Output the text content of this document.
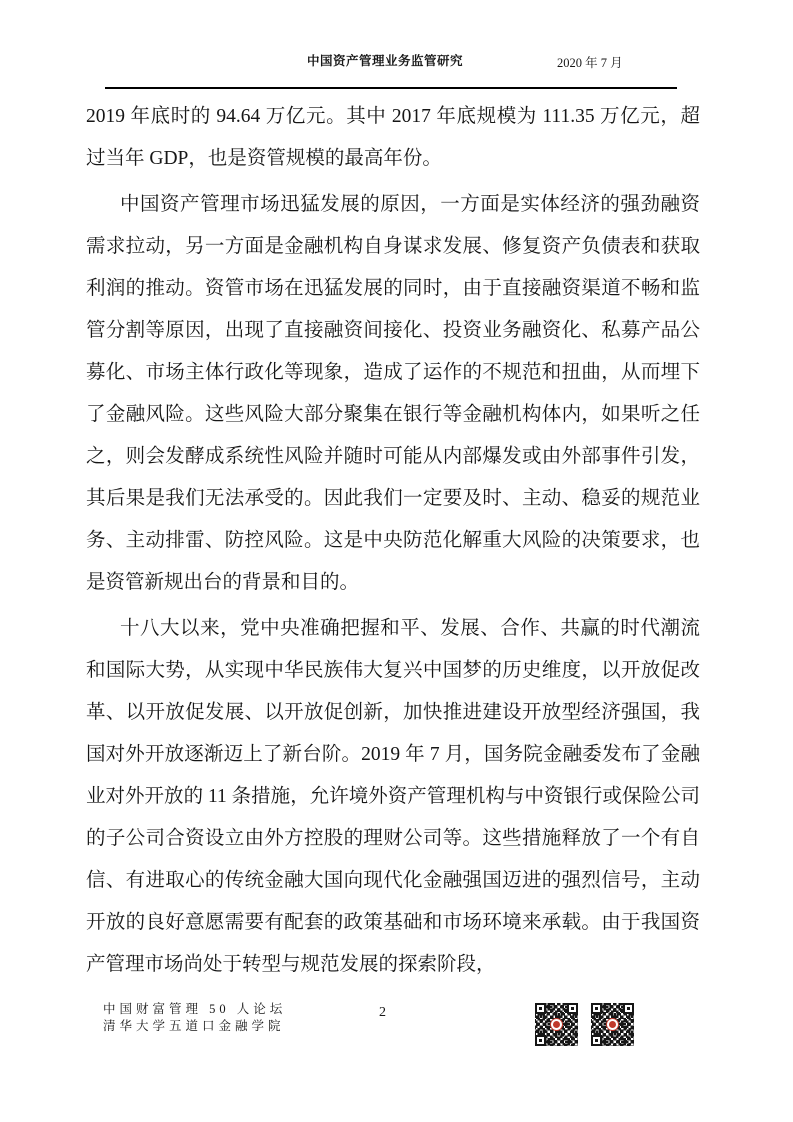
中国资产管理业务监管研究	2020 年 7 月

2019 年底时的 94.64 万亿元。其中 2017 年底规模为 111.35 万亿元，超过当年 GDP，也是资管规模的最高年份。

中国资产管理市场迅猛发展的原因，一方面是实体经济的强劲融资需求拉动，另一方面是金融机构自身谋求发展、修复资产负债表和获取利润的推动。资管市场在迅猛发展的同时，由于直接融资渠道不畅和监管分割等原因，出现了直接融资间接化、投资业务融资化、私募产品公募化、市场主体行政化等现象，造成了运作的不规范和扭曲，从而埋下了金融风险。这些风险大部分聚集在银行等金融机构体内，如果听之任之，则会发酵成系统性风险并随时可能从内部爆发或由外部事件引发，其后果是我们无法承受的。因此我们一定要及时、主动、稳妥的规范业务、主动排雷、防控风险。这是中央防范化解重大风险的决策要求，也是资管新规出台的背景和目的。

十八大以来，党中央准确把握和平、发展、合作、共赢的时代潮流和国际大势，从实现中华民族伟大复兴中国梦的历史维度，以开放促改革、以开放促发展、以开放促创新，加快推进建设开放型经济强国，我国对外开放逐渐迈上了新台阶。2019 年 7 月，国务院金融委发布了金融业对外开放的 11 条措施，允许境外资产管理机构与中资银行或保险公司的子公司合资设立由外方控股的理财公司等。这些措施释放了一个有自信、有进取心的传统金融大国向现代化金融强国迈进的强烈信号，主动开放的良好意愿需要有配套的政策基础和市场环境来承载。由于我国资产管理市场尚处于转型与规范发展的探索阶段，

中国财富管理 50 人论坛
清华大学五道口金融学院
2
